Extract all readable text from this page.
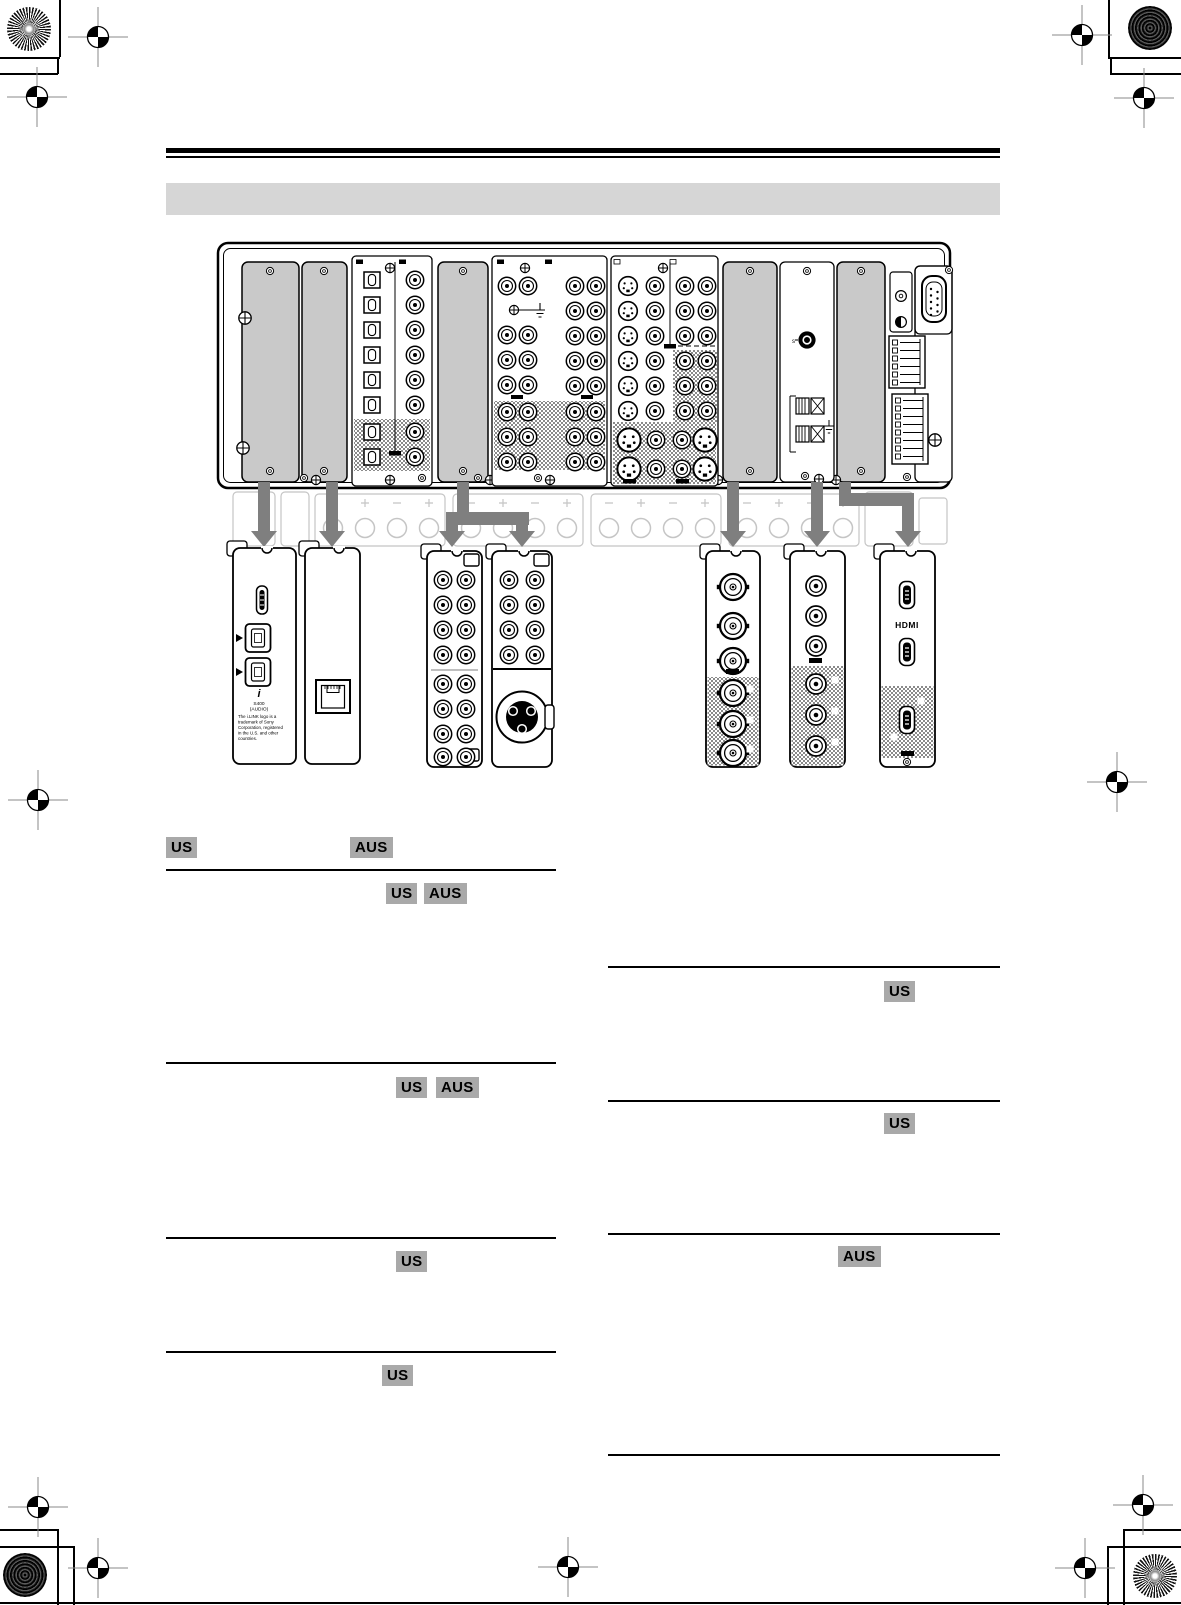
s
i
S400
(AUDIO)
The i.LINK logo is a
trademark of Sony
Corporation, registered
in the U.S. and other
countries.
HDMI
US	AUS
US	AUS
US	AUS
US
US
US
US
AUS
